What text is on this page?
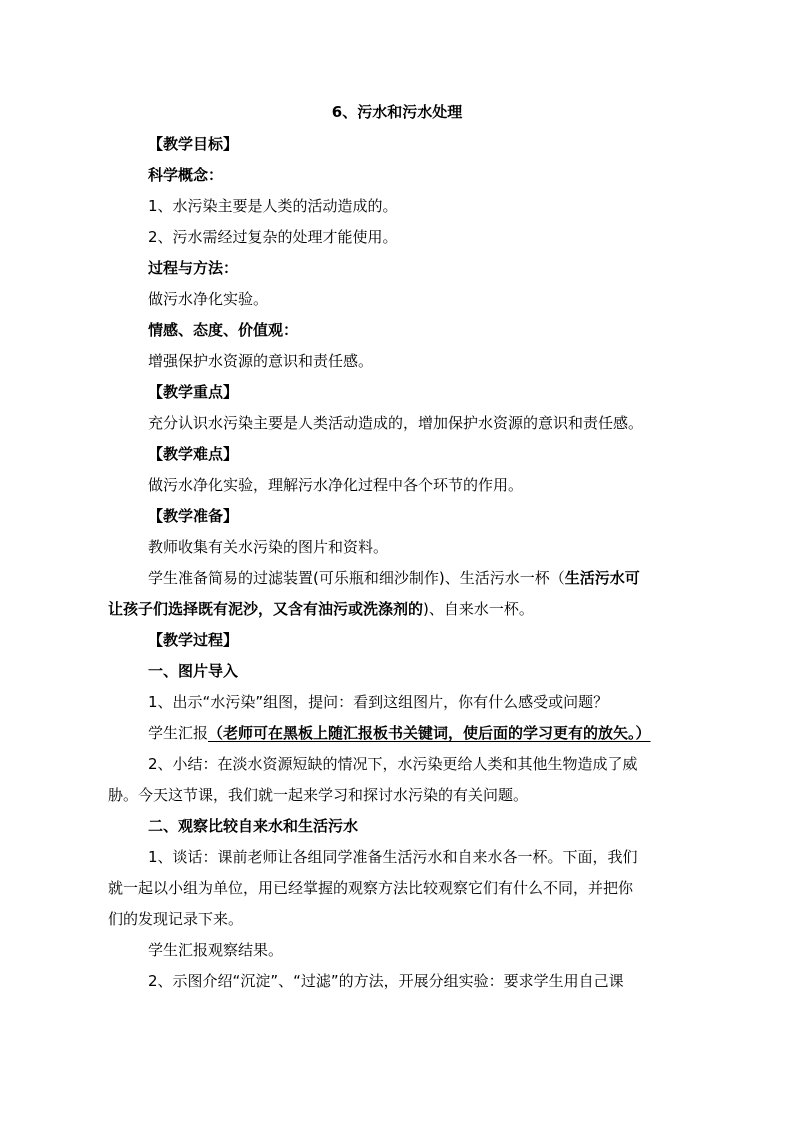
6、污水和污水处理
【教学目标】
科学概念：
1、水污染主要是人类的活动造成的。
2、污水需经过复杂的处理才能使用。
过程与方法：
做污水净化实验。
情感、态度、价值观：
增强保护水资源的意识和责任感。
【教学重点】
充分认识水污染主要是人类活动造成的，增加保护水资源的意识和责任感。
【教学难点】
做污水净化实验，理解污水净化过程中各个环节的作用。
【教学准备】
教师收集有关水污染的图片和资料。
学生准备简易的过滤装置(可乐瓶和细沙制作)、生活污水一杯（生活污水可
让孩子们选择既有泥沙，又含有油污或洗涤剂的)、自来水一杯。
【教学过程】
一、图片导入
1、出示“水污染”组图，提问：看到这组图片，你有什么感受或问题？
学生汇报（老师可在黑板上随汇报板书关键词，使后面的学习更有的放矢。）
2、小结：在淡水资源短缺的情况下，水污染更给人类和其他生物造成了威
胁。今天这节课，我们就一起来学习和探讨水污染的有关问题。
二、观察比较自来水和生活污水
1、谈话：课前老师让各组同学准备生活污水和自来水各一杯。下面，我们
就一起以小组为单位，用已经掌握的观察方法比较观察它们有什么不同，并把你
们的发现记录下来。
学生汇报观察结果。
2、示图介绍“沉淀”、“过滤”的方法，开展分组实验：要求学生用自己课
